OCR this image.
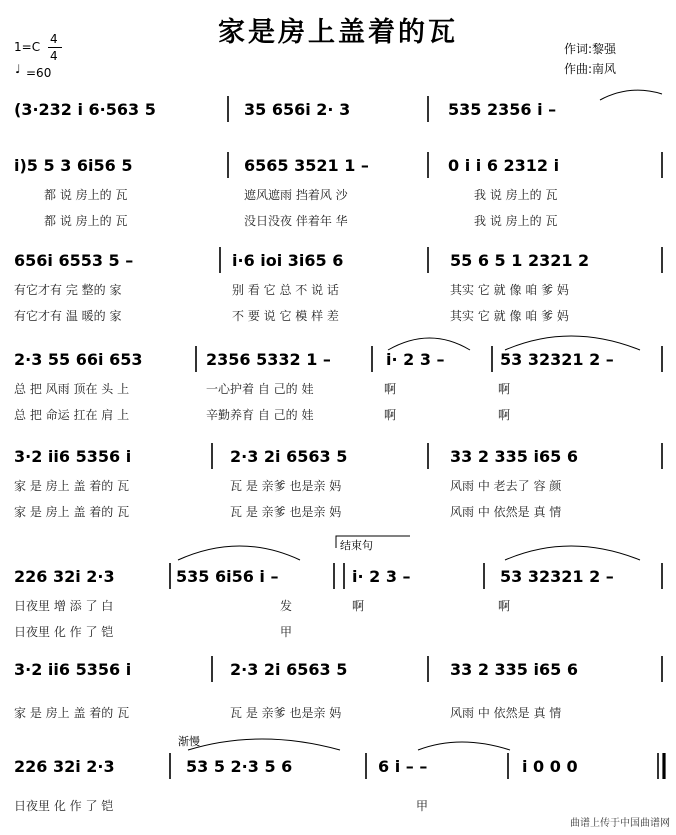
家是房上盖着的瓦
1=C
4
4
♩ =60
作词:黎强
作曲:南风
结束句
渐慢
(3·232 i 6·563 5	35 656i 2· 3	535 2356 i –
i)5 5 3 6i56 5	6565 3521 1 –	0 i i 6 2312 i
都 说 房上的 瓦	遮风遮雨 挡着风 沙	我 说 房上的 瓦
都 说 房上的 瓦	没日没夜 伴着年 华	我 说 房上的 瓦
656i 6553 5 –	i·6 ioi 3i65 6	55 6 5 1 2321 2
有它才有 完 整的 家	别 看 它 总 不 说 话	其实 它 就 像 咱 爹 妈
有它才有 温 暖的 家	不 要 说 它 模 样 差	其实 它 就 像 咱 爹 妈
2·3 55 66i 653	2356 5332 1 –	i· 2 3 –	53 32321 2 –
总 把 风雨 顶在 头 上	一心护着 自 己的 娃	啊	啊
总 把 命运 扛在 肩 上	辛勤养育 自 己的 娃	啊	啊
3·2 ii6 5356 i	2·3 2i 6563 5	33 2 335 i65 6
家 是 房上 盖 着的 瓦	瓦 是 亲爹 也是亲 妈	风雨 中 老去了 容 颜
家 是 房上 盖 着的 瓦	瓦 是 亲爹 也是亲 妈	风雨 中 依然是 真 情
226 32i 2·3	535 6i56 i –	i· 2 3 –	53 32321 2 –
日夜里 增 添 了 白	发	啊	啊
日夜里 化 作 了 铠	甲
3·2 ii6 5356 i	2·3 2i 6563 5	33 2 335 i65 6
家 是 房上 盖 着的 瓦	瓦 是 亲爹 也是亲 妈	风雨 中 依然是 真 情
226 32i 2·3	53 5 2·3 5 6	6 i – –	i 0 0 0
日夜里 化 作 了 铠	甲
曲谱上传于中国曲谱网
